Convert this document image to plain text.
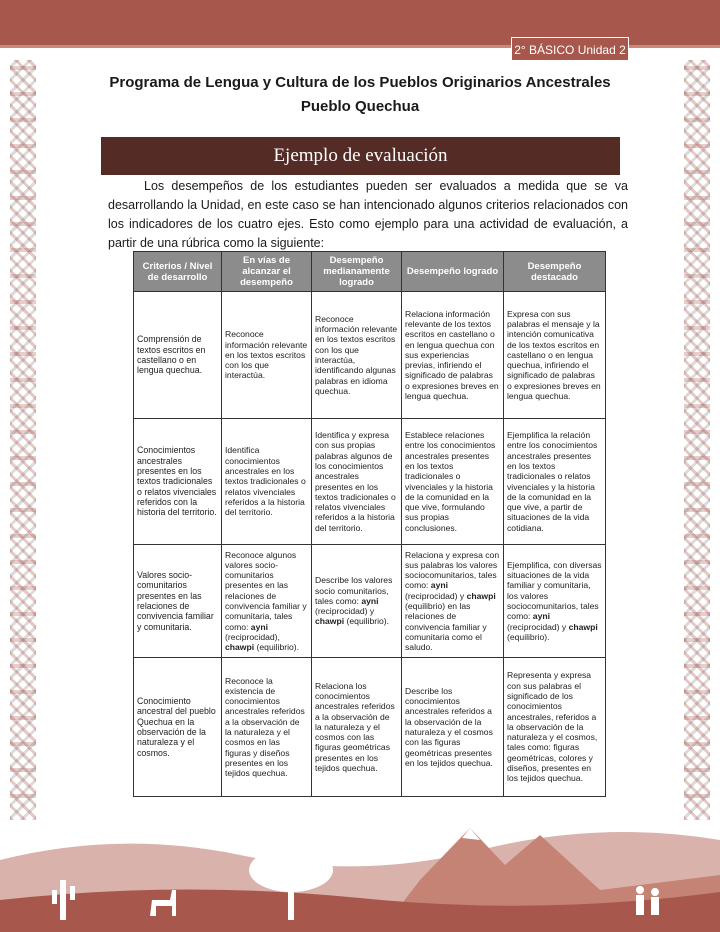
2° BÁSICO Unidad 2
Programa de Lengua y Cultura de los Pueblos Originarios Ancestrales
Pueblo Quechua
Ejemplo de evaluación

Los desempeños de los estudiantes pueden ser evaluados a medida que se va desarrollando la Unidad, en este caso se han intencionado algunos criterios relacionados con los indicadores de los cuatro ejes. Esto como ejemplo para una actividad de evaluación, a partir de una rúbrica como la siguiente:

Criterios / Nivel de desarrollo	En vías de alcanzar el desempeño	Desempeño medianamente logrado	Desempeño logrado	Desempeño destacado
Comprensión de textos escritos en castellano o en lengua quechua.	Reconoce información relevante en los textos escritos con los que interactúa.	Reconoce información relevante en los textos escritos con los que interactúa, identificando algunas palabras en idioma quechua.	Relaciona información relevante de los textos escritos en castellano o en lengua quechua con sus experiencias previas, infiriendo el significado de palabras o expresiones breves en lengua quechua.	Expresa con sus palabras el mensaje y la intención comunicativa de los textos escritos en castellano o en lengua quechua, infiriendo el significado de palabras o expresiones breves en lengua quechua.
Conocimientos ancestrales presentes en los textos tradicionales o relatos vivenciales referidos con la historia del territorio.	Identifica conocimientos ancestrales en los textos tradicionales o relatos vivenciales referidos a la historia del territorio.	Identifica y expresa con sus propias palabras algunos de los conocimientos ancestrales presentes en los textos tradicionales o relatos vivenciales referidos a la historia del territorio.	Establece relaciones entre los conocimientos ancestrales presentes en los textos tradicionales o vivenciales y la historia de la comunidad en la que vive, formulando sus propias conclusiones.	Ejemplifica la relación entre los conocimientos ancestrales presentes en los textos tradicionales o relatos vivenciales y la historia de la comunidad en la que vive, a partir de situaciones de la vida cotidiana.
Valores socio-comunitarios presentes en las relaciones de convivencia familiar y comunitaria.	Reconoce algunos valores socio-comunitarios presentes en las relaciones de convivencia familiar y comunitaria, tales como: ayni (reciprocidad), chawpi (equilibrio).	Describe los valores socio comunitarios, tales como: ayni (reciprocidad) y chawpi (equilibrio).	Relaciona y expresa con sus palabras los valores sociocomunitarios, tales como: ayni (reciprocidad) y chawpi (equilibrio) en las relaciones de convivencia familiar y comunitaria como el saludo.	Ejemplifica, con diversas situaciones de la vida familiar y comunitaria, los valores sociocomunitarios, tales como: ayni (reciprocidad) y chawpi (equilibrio).
Conocimiento ancestral del pueblo Quechua en la observación de la naturaleza y el cosmos.	Reconoce la existencia de conocimientos ancestrales referidos a la observación de la naturaleza y el cosmos en las figuras y diseños presentes en los tejidos quechua.	Relaciona los conocimientos ancestrales referidos a la observación de la naturaleza y el cosmos con las figuras geométricas presentes en los tejidos quechua.	Describe los conocimientos ancestrales referidos a la observación de la naturaleza y el cosmos con las figuras geométricas presentes en los tejidos quechua.	Representa y expresa con sus palabras el significado de los conocimientos ancestrales, referidos a la observación de la naturaleza y el cosmos, tales como: figuras geométricas, colores y diseños, presentes en los tejidos quechua.
